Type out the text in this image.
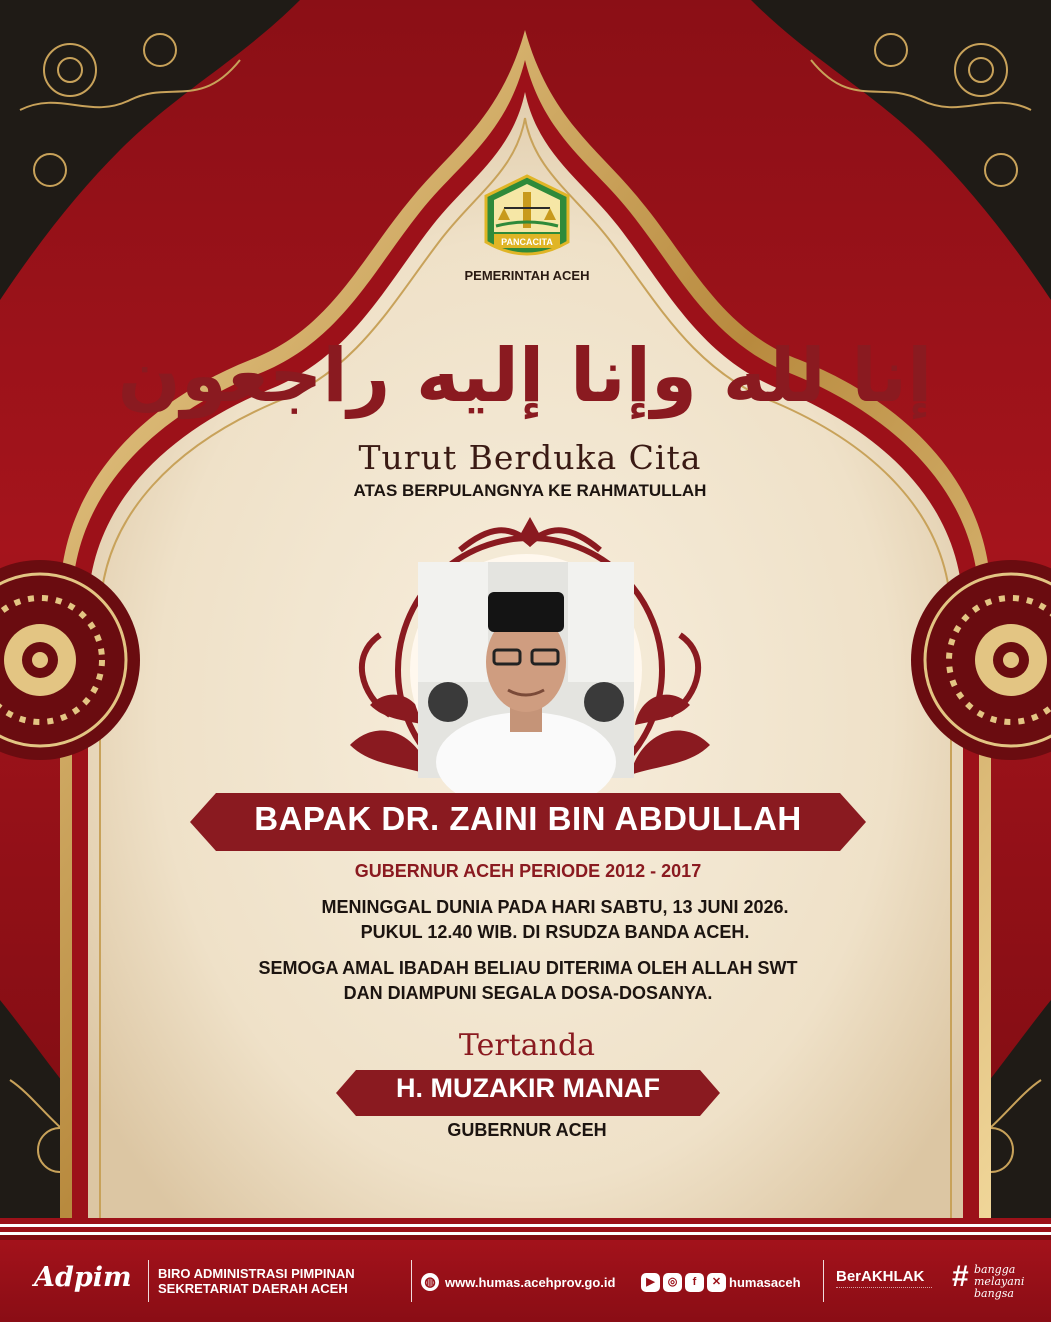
PANCACITA
PEMERINTAH ACEH
إنا لله وإنا إليه راجعون
Turut Berduka Cita
ATAS BERPULANGNYA KE RAHMATULLAH
BAPAK DR. ZAINI BIN ABDULLAH
GUBERNUR ACEH PERIODE 2012 - 2017
MENINGGAL DUNIA PADA HARI SABTU, 13 JUNI 2026.
PUKUL 12.40 WIB. DI RSUDZA BANDA ACEH.
SEMOGA AMAL IBADAH BELIAU DITERIMA OLEH ALLAH SWT
DAN DIAMPUNI SEGALA DOSA-DOSANYA.
Tertanda
H. MUZAKIR MANAF
GUBERNUR ACEH
Adpim BIRO ADMINISTRASI PIMPINAN
SEKRETARIAT DAERAH ACEH	◍ www.humas.acehprov.go.id	▶	◎	f	✕ humasaceh BerAKHLAK # bangga
melayani
bangsa
